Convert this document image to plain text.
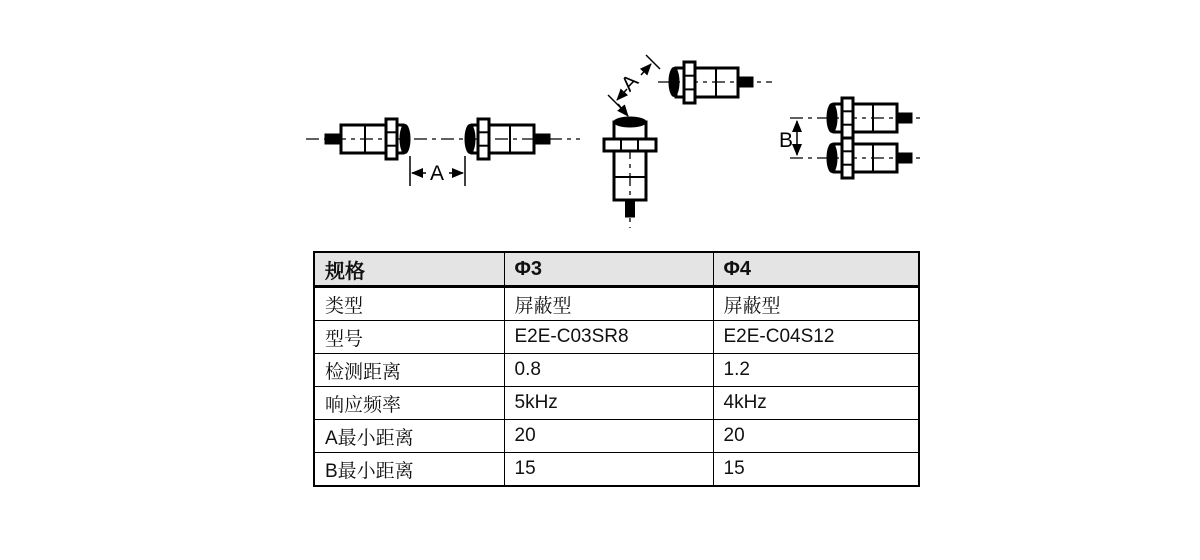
A
A
B
规格	Φ3	Φ4
类型	屏蔽型	屏蔽型
型号	E2E-C03SR8	E2E-C04S12
检测距离	0.8	1.2
响应频率	5kHz	4kHz
A最小距离	20	20
B最小距离	15	15
